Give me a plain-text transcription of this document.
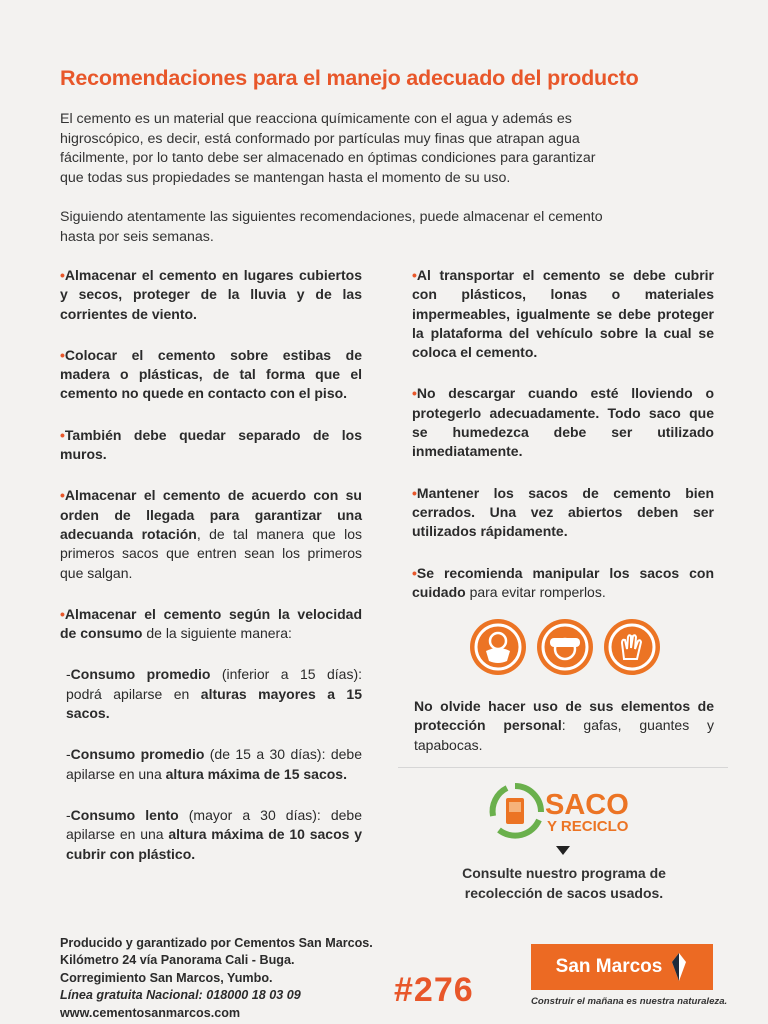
Recomendaciones para el manejo adecuado del producto
El cemento es un material que reacciona químicamente con el agua y además es
higroscópico, es decir, está conformado por partículas muy finas que atrapan agua
fácilmente, por lo tanto debe ser almacenado en óptimas condiciones para garantizar
que todas sus propiedades se mantengan hasta el momento de su uso.
Siguiendo atentamente las siguientes recomendaciones, puede almacenar el cemento
hasta por seis semanas.
•Almacenar el cemento en lugares cubiertos y secos, proteger de la lluvia y de las corrientes de viento.
•Colocar el cemento sobre estibas de madera o plásticas, de tal forma que el cemento no quede en contacto con el piso.
•También debe quedar separado de los muros.
•Almacenar el cemento de acuerdo con su orden de llegada para garantizar una adecuanda rotación, de tal manera que los primeros sacos que entren sean los primeros que salgan.
•Almacenar el cemento según la velocidad de consumo de la siguiente manera:
-Consumo promedio (inferior a 15 días): podrá apilarse en alturas mayores a 15 sacos.
-Consumo promedio (de 15 a 30 días): debe apilarse en una altura máxima de 15 sacos.
-Consumo lento (mayor a 30 días): debe apilarse en una altura máxima de 10 sacos y cubrir con plástico.
•Al transportar el cemento se debe cubrir con plásticos, lonas o materiales impermeables, igualmente se debe proteger la plataforma del vehículo sobre la cual se coloca el cemento.
•No descargar cuando esté lloviendo o protegerlo adecuadamente. Todo saco que se humedezca debe ser utilizado inmediatamente.
•Mantener los sacos de cemento bien cerrados. Una vez abiertos deben ser utilizados rápidamente.
•Se recomienda manipular los sacos con cuidado para evitar romperlos.
No olvide hacer uso de sus elementos de protección personal: gafas, guantes y tapabocas.
SACO
Y RECICLO
Consulte nuestro programa de
recolección de sacos usados.
Producido y garantizado por Cementos San Marcos.
Kilómetro 24 vía Panorama Cali - Buga.
Corregimiento San Marcos, Yumbo.
Línea gratuita Nacional: 018000 18 03 09
www.cementosanmarcos.com
#276
San Marcos
Construir el mañana es nuestra naturaleza.
